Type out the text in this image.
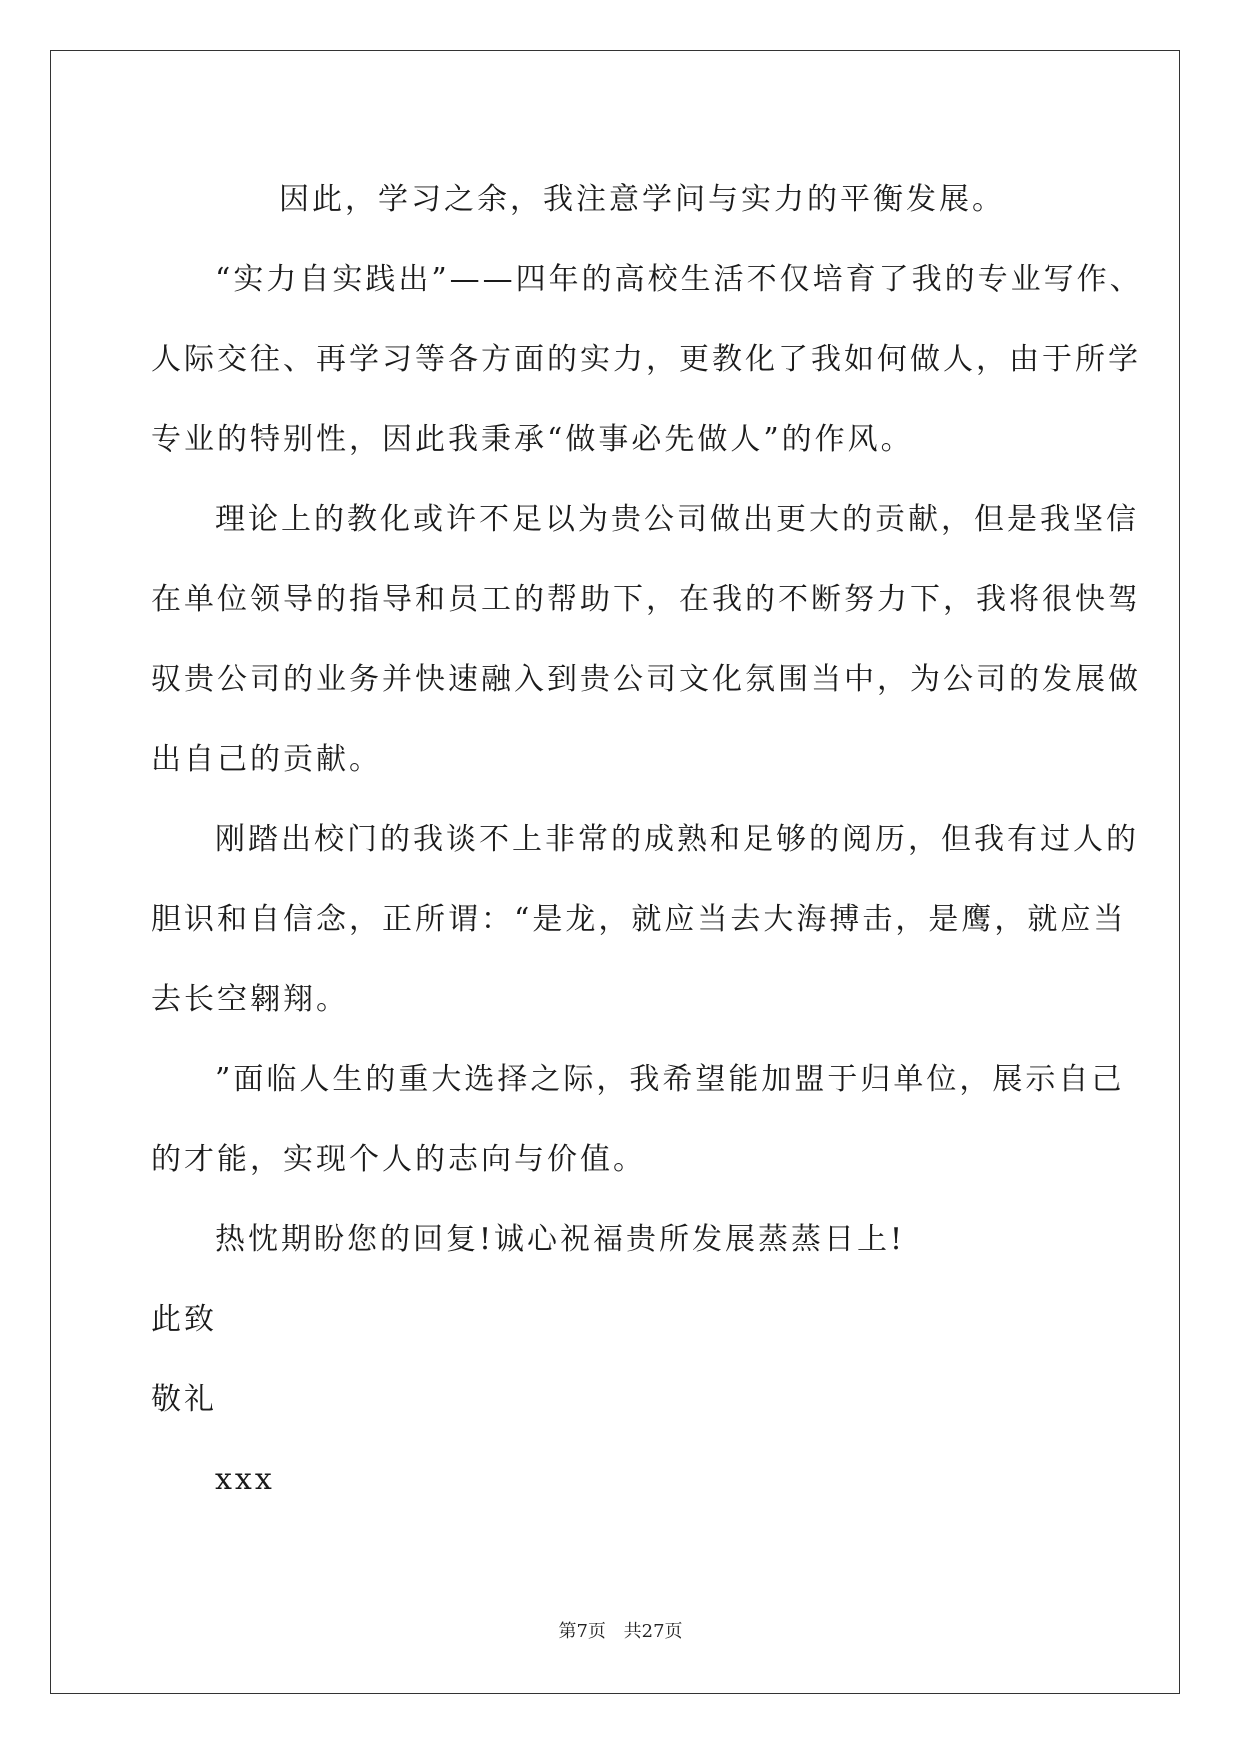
因此，学习之余，我注意学问与实力的平衡发展。
“实力自实践出”——四年的高校生活不仅培育了我的专业写作、
人际交往、再学习等各方面的实力，更教化了我如何做人，由于所学
专业的特别性，因此我秉承“做事必先做人”的作风。
理论上的教化或许不足以为贵公司做出更大的贡献，但是我坚信
在单位领导的指导和员工的帮助下，在我的不断努力下，我将很快驾
驭贵公司的业务并快速融入到贵公司文化氛围当中，为公司的发展做
出自己的贡献。
刚踏出校门的我谈不上非常的成熟和足够的阅历，但我有过人的
胆识和自信念，正所谓：“是龙，就应当去大海搏击，是鹰，就应当
去长空翱翔。
”面临人生的重大选择之际，我希望能加盟于归单位，展示自己
的才能，实现个人的志向与价值。
热忱期盼您的回复!诚心祝福贵所发展蒸蒸日上!
此致
敬礼
xxx
第7页 共27页
